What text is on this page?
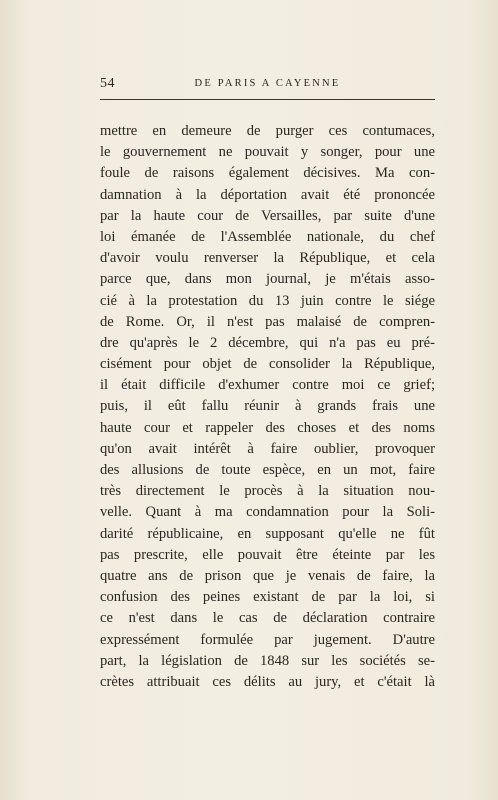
54	DE PARIS A CAYENNE
mettre en demeure de purger ces contumaces,
le gouvernement ne pouvait y songer, pour une
foule de raisons également décisives. Ma con-
damnation à la déportation avait été prononcée
par la haute cour de Versailles, par suite d'une
loi émanée de l'Assemblée nationale, du chef
d'avoir voulu renverser la République, et cela
parce que, dans mon journal, je m'étais asso-
cié à la protestation du 13 juin contre le siége
de Rome. Or, il n'est pas malaisé de compren-
dre qu'après le 2 décembre, qui n'a pas eu pré-
cisément pour objet de consolider la République,
il était difficile d'exhumer contre moi ce grief;
puis, il eût fallu réunir à grands frais une
haute cour et rappeler des choses et des noms
qu'on avait intérêt à faire oublier, provoquer
des allusions de toute espèce, en un mot, faire
très directement le procès à la situation nou-
velle. Quant à ma condamnation pour la Soli-
darité républicaine, en supposant qu'elle ne fût
pas prescrite, elle pouvait être éteinte par les
quatre ans de prison que je venais de faire, la
confusion des peines existant de par la loi, si
ce n'est dans le cas de déclaration contraire
expressément formulée par jugement. D'autre
part, la législation de 1848 sur les sociétés se-
crètes attribuait ces délits au jury, et c'était là
